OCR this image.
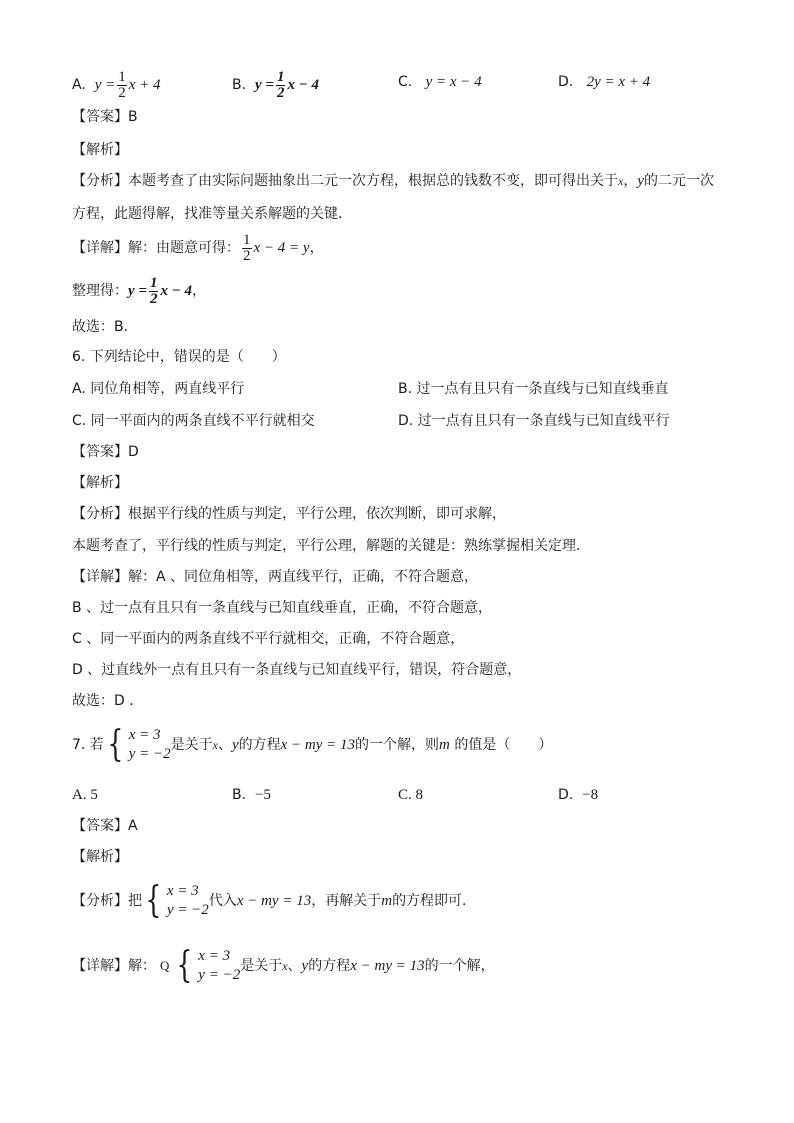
A.
$y = \frac{1}{2}$ x + 4	B.
$y = \frac{1}{2}$ x − 4	C. y = x − 4	D. 2y = x + 4
【答案】B
【解析】
【分析】本题考查了由实际问题抽象出二元一次方程，根据总的钱数不变，即可得出关于x，y的二元一次
方程，此题得解，找准等量关系解题的关键．
【详解】解：由题意可得： $\frac{1}{2}$ x − 4 = y ，
整理得： $y = \frac{1}{2}$ x − 4 ，
故选：B．
6. 下列结论中，错误的是（　　）
A. 同位角相等，两直线平行	B. 过一点有且只有一条直线与已知直线垂直
C. 同一平面内的两条直线不平行就相交	D. 过一点有且只有一条直线与已知直线平行
【答案】D
【解析】
【分析】根据平行线的性质与判定，平行公理，依次判断，即可求解，
本题考查了，平行线的性质与判定，平行公理，解题的关键是：熟练掌握相关定理．
【详解】解：A 、同位角相等，两直线平行，正确，不符合题意，
B 、过一点有且只有一条直线与已知直线垂直，正确，不符合题意，
C 、同一平面内的两条直线不平行就相交，正确，不符合题意，
D 、过直线外一点有且只有一条直线与已知直线平行，错误，符合题意，
故选：D ．
7. 若 { x = 3
y = −2
是关于 x 、 y 的方程 x − my = 13 的一个解，则 m
的值是（　　）
A. 5	B. −5	C. 8	D. −8
【答案】A
【解析】
【分析】把 { x = 3
y = −2
代入 x − my = 13 ，再解关于 m 的方程即可．
【详解】解： Q { x = 3
y = −2
是关于 x 、 y 的方程 x − my = 13 的一个解，
